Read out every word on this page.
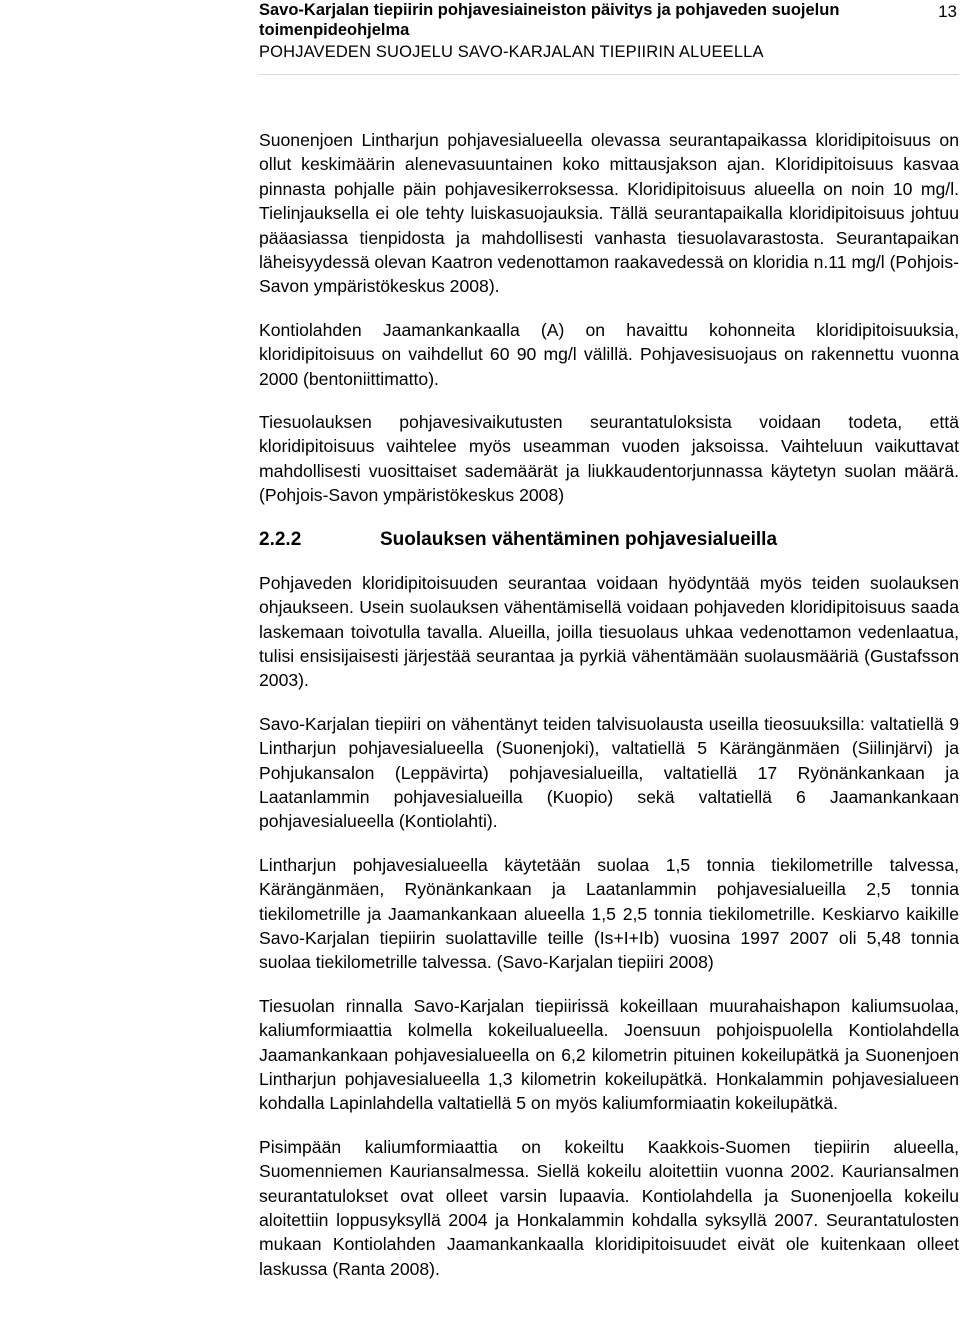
Savo-Karjalan tiepiirin pohjavesiaineiston päivitys ja pohjaveden suojelun toimenpideohjelma
POHJAVEDEN SUOJELU SAVO-KARJALAN TIEPIIRIN ALUEELLA
13

Suonenjoen Lintharjun pohjavesialueella olevassa seurantapaikassa kloridipitoisuus on ollut keskimäärin alenevasuuntainen koko mittausjakson ajan. Kloridipitoisuus kasvaa pinnasta pohjalle päin pohjavesikerroksessa. Kloridipitoisuus alueella on noin 10 mg/l. Tielinjauksella ei ole tehty luiskasuojauksia. Tällä seurantapaikalla kloridipitoisuus johtuu pääasiassa tienpidosta ja mahdollisesti vanhasta tiesuolavarastosta. Seurantapaikan läheisyydessä olevan Kaatron vedenottamon raakavedessä on kloridia n.11 mg/l (Pohjois-Savon ympäristökeskus 2008).

Kontiolahden Jaamankankaalla (A) on havaittu kohonneita kloridipitoisuuksia, kloridipitoisuus on vaihdellut 60 90 mg/l välillä. Pohjavesisuojaus on rakennettu vuonna 2000 (bentoniittimatto).

Tiesuolauksen pohjavesivaikutusten seurantatuloksista voidaan todeta, että kloridipitoisuus vaihtelee myös useamman vuoden jaksoissa. Vaihteluun vaikuttavat mahdollisesti vuosittaiset sademäärät ja liukkaudentorjunnassa käytetyn suolan määrä. (Pohjois-Savon ympäristökeskus 2008)

2.2.2	Suolauksen vähentäminen pohjavesialueilla

Pohjaveden kloridipitoisuuden seurantaa voidaan hyödyntää myös teiden suolauksen ohjaukseen. Usein suolauksen vähentämisellä voidaan pohjaveden kloridipitoisuus saada laskemaan toivotulla tavalla. Alueilla, joilla tiesuolaus uhkaa vedenottamon vedenlaatua, tulisi ensisijaisesti järjestää seurantaa ja pyrkiä vähentämään suolausmääriä (Gustafsson 2003).

Savo-Karjalan tiepiiri on vähentänyt teiden talvisuolausta useilla tieosuuksilla: valtatiellä 9 Lintharjun pohjavesialueella (Suonenjoki), valtatiellä 5 Kärängänmäen (Siilinjärvi) ja Pohjukansalon (Leppävirta) pohjavesialueilla, valtatiellä 17 Ryönänkankaan ja Laatanlammin pohjavesialueilla (Kuopio) sekä valtatiellä 6 Jaamankankaan pohjavesialueella (Kontiolahti).

Lintharjun pohjavesialueella käytetään suolaa 1,5 tonnia tiekilometrille talvessa, Kärängänmäen, Ryönänkankaan ja Laatanlammin pohjavesialueilla 2,5 tonnia tiekilometrille ja Jaamankankaan alueella 1,5 2,5 tonnia tiekilometrille. Keskiarvo kaikille Savo-Karjalan tiepiirin suolattaville teille (Is+I+Ib) vuosina 1997 2007 oli 5,48 tonnia suolaa tiekilometrille talvessa. (Savo-Karjalan tiepiiri 2008)

Tiesuolan rinnalla Savo-Karjalan tiepiirissä kokeillaan muurahaishapon kaliumsuolaa, kaliumformiaattia kolmella kokeilualueella. Joensuun pohjoispuolella Kontiolahdella Jaamankankaan pohjavesialueella on 6,2 kilometrin pituinen kokeilupätkä ja Suonenjoen Lintharjun pohjavesialueella 1,3 kilometrin kokeilupätkä. Honkalammin pohjavesialueen kohdalla Lapinlahdella valtatiellä 5 on myös kaliumformiaatin kokeilupätkä.

Pisimpään kaliumformiaattia on kokeiltu Kaakkois-Suomen tiepiirin alueella, Suomenniemen Kauriansalmessa. Siellä kokeilu aloitettiin vuonna 2002. Kauriansalmen seurantatulokset ovat olleet varsin lupaavia. Kontiolahdella ja Suonenjoella kokeilu aloitettiin loppusyksyllä 2004 ja Honkalammin kohdalla syksyllä 2007. Seurantatulosten mukaan Kontiolahden Jaamankankaalla kloridipitoisuudet eivät ole kuitenkaan olleet laskussa (Ranta 2008).
